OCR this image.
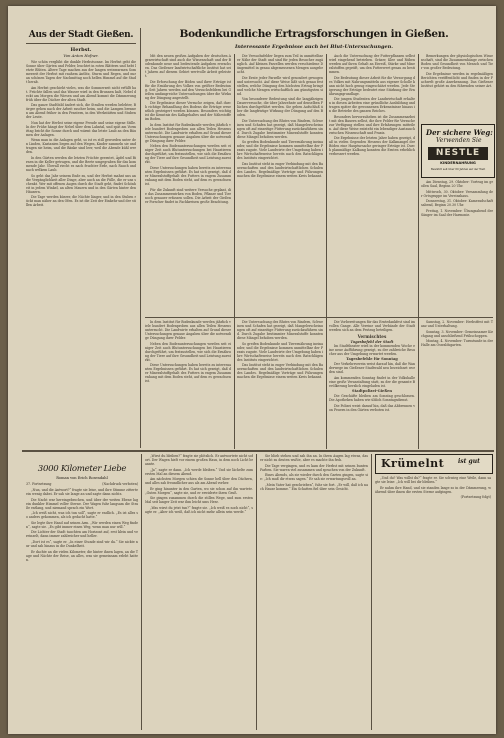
Aus der Stadt Gießen.
Herbst.
Von Anton Hofner.

Wie schön verglüht die dunkle Herbstsonne. Im Herbst geht die Sonne über Gärten und Felder, leuchtet in roten Blättern und hebt letzte Blüten. Ältere Tage machen aus der langen weinwarmen Sommerzeit der Herbst mit rauhem Antlitz, Sturm und Regen, und nur an schönen Tagen der Nachmittag noch hellen Himmel auf die Stadt herab.

Am Herbst geschieht vieles, was die Sommerzeit nicht erfüllt hat. Früchte fallen und das Wasser wird in den Brunnen kalt, Nebel deckt am Morgen die Wiesen und am Abend kommt die Dämmerung früh über die Dächer der alten Stadt.

Das ganze Stadtbild ändert sich, die Straßen werden belebter, Bürger gehen nach der Arbeit rascher heim, und die Lampen brennen am Abend früher in den Fenstern, in den Werkstätten und Stuben der Leute.

Nun hat der Herbst seine eigene Freude und seine eigene Stille. In der Frühe hängt der Nebel über dem Lahntal, und spät am Vormittag bricht die Sonne durch und wärmt das letzte Laub an den Bäumen der Anlagen.

Wenn man in die Anlagen geht, so ist es still geworden unter den Linden, Kastanien liegen auf den Wegen, Kinder sammeln sie und tragen sie heim, und die Bänke sind leer, weil die Abende kühl werden.

In den Gärten werden die letzten Früchte geerntet, Äpfel und Birnen in die Keller getragen, und die Beete umgegraben für das kommende Jahr. Überall riecht es nach feuchter Erde, nach Rauch und nach welkem Laub.

So geht das Jahr seinem Ende zu, und der Herbst mahnt uns an die Vergänglichkeit aller Dinge, aber auch an die Fülle, die er uns schenkt. Wer mit offenen Augen durch die Stadt geht, findet Schönheit in jedem Winkel, an alten Mauern und in den Gärten hinter den Häusern.

Die Tage werden kürzer, die Nächte länger, und in den Stuben rückt man näher an den Ofen. Es ist die Zeit der Einkehr und der stillen Arbeit.

Bodenkundliche Ertragsforschungen in Gießen.
Interessante Ergebnisse auch bei Blut-Untersuchungen.

Mit den neuen großen Aufgaben der deutschen Agrarwirtschaft sind auch die Wissenschaft und der Bodenkunde neue und bedeutende Aufgaben erwachsen. Das Gießener landwirtschaftliche Institut hat seit Jahren auf diesem Gebiet wertvolle Arbeit geleistet.

Die Erforschung der Böden und ihrer Erträge ist für die Ernährung des Volkes von größter Bedeutung. Seit Jahren werden auf den Versuchsfeldern bei Gießen umfangreiche Untersuchungen über die Wirkung der Düngung angestellt.

Die Ergebnisse dieser Versuche zeigen, daß durch richtige Behandlung des Bodens die Erträge wesentlich gesteigert werden können. Besonders wichtig ist die Kenntnis des Kalkgehaltes und der Nährstoffe im Boden.

In dem Institut für Bodenkunde werden jährlich viele hundert Bodenproben aus allen Teilen Hessens untersucht. Die Landwirte erhalten auf Grund dieser Untersuchungen genaue Angaben über die notwendige Düngung ihrer Felder.

Neben den Bodenuntersuchungen werden seit einiger Zeit auch Blutuntersuchungen bei Haustieren durchgeführt, um festzustellen, wie sich die Ernährung der Tiere auf ihre Gesundheit und Leistung auswirkt.

Diese Untersuchungen haben bereits zu interessanten Ergebnissen geführt. Es hat sich gezeigt, daß der Mineralstoffgehalt des Futters in engem Zusammenhang mit dem Boden steht, auf dem es gewachsen ist.

Für die Zukunft sind weitere Versuche geplant, die das Zusammenwirken von Boden, Pflanze und Tier noch genauer erfassen sollen. Die Arbeit der Gießener Forscher findet in Fachkreisen große Beachtung.

Die Versuchsfelder liegen zum Teil in unmittelbarer Nähe der Stadt und sind für jeden Besucher zugänglich. Auf kleinen Parzellen werden verschiedene Düngemittel in genau abgemessenen Mengen ausgebracht.

Die Ernte jeder Parzelle wird gesondert gewogen und untersucht. Auf diese Weise läßt sich genau feststellen, welche Düngung den höchsten Ertrag bringt und welche Mengen wirtschaftlich am günstigsten sind.

Von besonderer Bedeutung sind die langjährigen Dauerversuche, die über Jahrzehnte auf denselben Flächen durchgeführt werden. Sie geben Aufschluß über die langfristige Wirkung der Düngung auf den Boden.

Die Untersuchung des Blutes von Rindern, Schweinen und Schafen hat gezeigt, daß Mangelerscheinungen oft auf einseitige Fütterung zurückzuführen sind. Durch Zugabe bestimmter Mineralstoffe konnten diese Mängel behoben werden.

So greifen Bodenkunde und Tierernährung ineinander, und die Ergebnisse kommen unmittelbar der Praxis zugute. Viele Landwirte der Umgebung haben ihre Wirtschaftsweise bereits nach den Ratschlägen des Instituts eingerichtet.

Das Institut steht in enger Verbindung mit den Bauernschaften und den landwirtschaftlichen Schulen des Landes. Regelmäßige Vorträge und Führungen machen die Ergebnisse einem weiten Kreis bekannt.

Auch die Untersuchung der Futterpflanzen selbst wird eingehend betrieben. Gräser, Klee und Rüben werden auf ihren Gehalt an Eiweiß, Stärke und Mineralstoffen geprüft, um den Futterwert genau zu bestimmen.

Die Bedeutung dieser Arbeit für die Versorgung des Volkes mit Nahrungsmitteln aus eigener Scholle kann nicht hoch genug eingeschätzt werden. Jede Steigerung der Erträge bedeutet eine Stärkung der Ernährungsgrundlage.

Die jungen Studenten der Landwirtschaft erhalten in diesen Arbeiten eine gründliche Ausbildung und tragen später die gewonnenen Erkenntnisse hinaus in die Betriebe des ganzen Reiches.

Besonders hervorzuheben ist die Zusammenarbeit mit den Bauern selbst, die ihre Felder für Versuche zur Verfügung stellen und ihre Erfahrungen mitteilen. Auf diese Weise entsteht ein lebendiger Austausch zwischen Wissenschaft und Praxis.

Die Ergebnisse der letzten Jahre haben gezeigt, daß in vielen Gegenden Hessens der Kalkmangel der Böden eine Hauptursache geringer Erträge ist. Durch planmäßige Kalkung konnten die Ernten erheblich verbessert werden.

Bemerkungen der physiologischen Wissenschaft, sind die Zusammenhänge zwischen Boden und Gesundheit von Mensch und Tier von großer Bedeutung.

Die Ergebnisse werden in regelmäßigen Berichten veröffentlicht und finden in der Fachwelt große Anerkennung. Das Gießener Institut gehört zu den führenden seiner Art.

Der sichere Weg:
Verwenden Sie
NESTLE
KINDERNAHRUNG
Bewährt seit über 60 Jahren auf der Welt

Am Dienstag, 29. Oktober: Vortrag im großen Saal, Beginn 20 Uhr.

Mittwoch, 30. Oktober: Versammlung der Ortsgruppe im Vereinshaus.

Donnerstag, 31. Oktober: Kameradschaftsabend, Beginn 20.30 Uhr.

Freitag, 1. November: Übungsabend der Sänger im Saal der Harmonie.

In dem Institut für Bodenkunde werden jährlich viele hundert Bodenproben aus allen Teilen Hessens untersucht. Die Landwirte erhalten auf Grund dieser Untersuchungen genaue Angaben über die notwendige Düngung ihrer Felder.

Neben den Bodenuntersuchungen werden seit einiger Zeit auch Blutuntersuchungen bei Haustieren durchgeführt, um festzustellen, wie sich die Ernährung der Tiere auf ihre Gesundheit und Leistung auswirkt.

Diese Untersuchungen haben bereits zu interessanten Ergebnissen geführt. Es hat sich gezeigt, daß der Mineralstoffgehalt des Futters in engem Zusammenhang mit dem Boden steht, auf dem es gewachsen ist.

Die Untersuchung des Blutes von Rindern, Schweinen und Schafen hat gezeigt, daß Mangelerscheinungen oft auf einseitige Fütterung zurückzuführen sind. Durch Zugabe bestimmter Mineralstoffe konnten diese Mängel behoben werden.

So greifen Bodenkunde und Tierernährung ineinander, und die Ergebnisse kommen unmittelbar der Praxis zugute. Viele Landwirte der Umgebung haben ihre Wirtschaftsweise bereits nach den Ratschlägen des Instituts eingerichtet.

Das Institut steht in enger Verbindung mit den Bauernschaften und den landwirtschaftlichen Schulen des Landes. Regelmäßige Vorträge und Führungen machen die Ergebnisse einem weiten Kreis bekannt.

Die Vorbereitungen für das Erntedankfest sind im vollen Gange. Alle Vereine und Verbände der Stadt werden sich an dem Festzug beteiligen.

Vermischtes
Tagesbefehl der Stadt

Im Stadttheater wird in der kommenden Woche eine neue Aufführung gezeigt, zu der zahlreiche Besucher aus der Umgebung erwartet werden.

Tagesbefehle für Sonntag

Der Verkehrsverein weist darauf hin, daß die Wanderwege im Gießener Stadtwald neu bezeichnet worden sind.

Am kommenden Sonntag findet in der Volkshalle eine große Veranstaltung statt, zu der die gesamte Bevölkerung herzlich eingeladen ist.

Stadtpolizei-Gießen

Die Geschäfte bleiben am Sonntag geschlossen. Die Apotheken haben wie üblich Sonntagsdienst.

Die Polizei weist darauf hin, daß das Abbrennen von Feuern in den Gärten verboten ist.

Samstag, 2. November: Herbstfest mit Tanz und Unterhaltung.

Sonntag, 3. November: Gemeinsamer Kirchgang und anschließend Frühschoppen.

Montag, 4. November: Turnstunde in der Halle am Oswaldsgarten.

3000 Kilometer Liebe
Roman von Erich Rosendahl
37. Fortsetzung	(Nachdruck verboten)

„Nun, und die Antwort?“ fragte sie leise, und ihre Stimme zitterte ein wenig dabei. Er sah sie lange an und sagte dann nichts.

Die Nacht war hereingebrochen, und über der weiten Ebene lag ein dunkler Himmel voller Sterne. Der Wagen fuhr langsam die Straße entlang, und niemand sprach ein Wort.

„Ich weiß nicht, was ich tun soll“, sagte er endlich. „Es ist alles so anders gekommen, als ich gedacht hatte.“

Sie legte ihre Hand auf seinen Arm. „Wir werden einen Weg finden“, sagte sie. „Es gibt immer einen Weg, wenn man nur will.“

Die Lichter der Stadt tauchten am Horizont auf, erst klein und vereinzelt, dann immer zahlreicher und heller.

„Dort ist es“, sagte er. „In einer Stunde sind wir da.“ Sie nickte nur und sah hinaus in die Dunkelheit.

Er dachte an die vielen Kilometer, die hinter ihnen lagen, an die Tage und Nächte der Reise, an alles, was sie gemeinsam erlebt hatten.

„Wirst du bleiben?“ fragte sie plötzlich. Er antwortete nicht sofort. Der Wagen hielt vor einem großen Haus, in dem noch Licht brannte.

„Ja“, sagte er dann. „Ich werde bleiben.“ Und sie lächelte zum ersten Mal an diesem Abend.

Am nächsten Morgen schien die Sonne hell über den Dächern, und alles sah freundlicher aus als am Abend vorher.

Er ging hinunter in den Garten, wo sie schon auf ihn wartete. „Guten Morgen“, sagte sie, und er erwiderte ihren Gruß.

Sie gingen zusammen durch die stillen Wege, und zum ersten Mal seit langer Zeit war ihm leicht ums Herz.

„Was wirst du jetzt tun?“ fragte sie. „Ich weiß es noch nicht“, sagte er. „Aber ich weiß, daß ich nicht mehr allein sein werde.“

Sie blieb stehen und sah ihn an. In ihren Augen lag etwas, das er nicht zu deuten wußte, aber es machte ihn froh.

Die Tage vergingen, und es kam der Herbst mit seinen bunten Farben. Sie waren viel zusammen und sprachen von der Zukunft.

Eines Abends, als sie wieder durch den Garten gingen, sagte sie: „Ich muß dir etwas sagen.“ Er sah sie erwartungsvoll an.

„Mein Vater hat geschrieben“, fuhr sie fort. „Er will, daß ich nach Hause komme.“ Ein Schatten fiel über sein Gesicht.

Krümelnt ist gut

„Und du? Was willst du?“ fragte er. Sie schwieg eine Weile, dann sagte sie leise: „Ich will bei dir bleiben.“

Er nahm ihre Hand, und sie standen lange so in der Dämmerung, während über ihnen die ersten Sterne aufgingen.

(Fortsetzung folgt)
